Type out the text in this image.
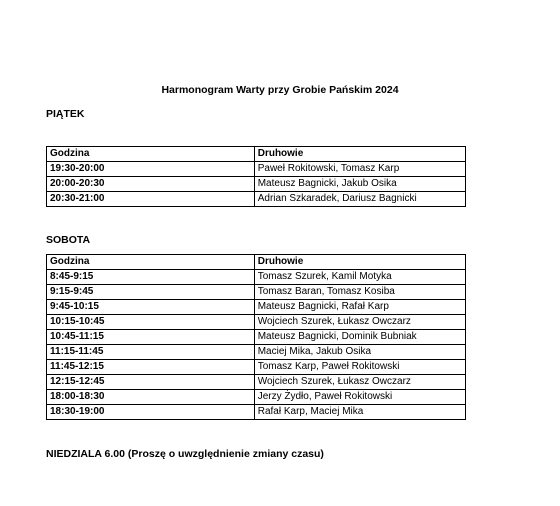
Harmonogram Warty przy Grobie Pańskim 2024
PIĄTEK
Godzina	Druhowie
19:30-20:00	Paweł Rokitowski, Tomasz Karp
20:00-20:30	Mateusz Bagnicki, Jakub Osika
20:30-21:00	Adrian Szkaradek, Dariusz Bagnicki
SOBOTA
Godzina	Druhowie
8:45-9:15	Tomasz Szurek, Kamil Motyka
9:15-9:45	Tomasz Baran, Tomasz Kosiba
9:45-10:15	Mateusz Bagnicki, Rafał Karp
10:15-10:45	Wojciech Szurek, Łukasz Owczarz
10:45-11:15	Mateusz Bagnicki, Dominik Bubniak
11:15-11:45	Maciej Mika, Jakub Osika
11:45-12:15	Tomasz Karp, Paweł Rokitowski
12:15-12:45	Wojciech Szurek, Łukasz Owczarz
18:00-18:30	Jerzy Żydło, Paweł Rokitowski
18:30-19:00	Rafał Karp, Maciej Mika
NIEDZIALA 6.00 (Proszę o uwzględnienie zmiany czasu)
